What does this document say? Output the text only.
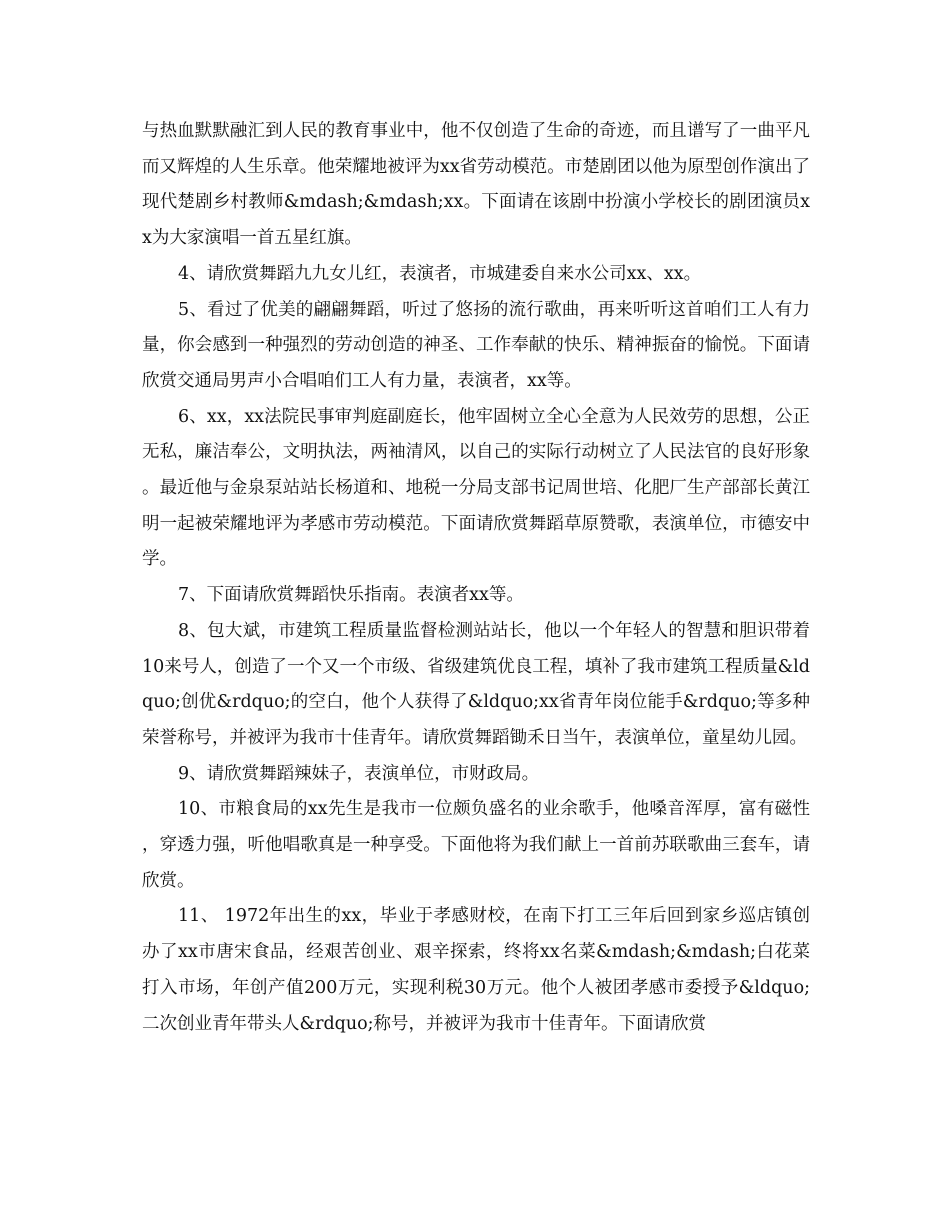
与热血默默融汇到人民的教育事业中，他不仅创造了生命的奇迹，而且谱写了一曲平凡而又辉煌的人生乐章。他荣耀地被评为xx省劳动模范。市楚剧团以他为原型创作演出了现代楚剧乡村教师&mdash;&mdash;xx。下面请在该剧中扮演小学校长的剧团演员xx为大家演唱一首五星红旗。

4、请欣赏舞蹈九九女儿红，表演者，市城建委自来水公司xx、xx。

5、看过了优美的翩翩舞蹈，听过了悠扬的流行歌曲，再来听听这首咱们工人有力量，你会感到一种强烈的劳动创造的神圣、工作奉献的快乐、精神振奋的愉悦。下面请欣赏交通局男声小合唱咱们工人有力量，表演者，xx等。

6、xx，xx法院民事审判庭副庭长，他牢固树立全心全意为人民效劳的思想，公正无私，廉洁奉公，文明执法，两袖清风，以自己的实际行动树立了人民法官的良好形象。最近他与金泉泵站站长杨道和、地税一分局支部书记周世培、化肥厂生产部部长黄江明一起被荣耀地评为孝感市劳动模范。下面请欣赏舞蹈草原赞歌，表演单位，市德安中学。

7、下面请欣赏舞蹈快乐指南。表演者xx等。

8、包大斌，市建筑工程质量监督检测站站长，他以一个年轻人的智慧和胆识带着10来号人，创造了一个又一个市级、省级建筑优良工程，填补了我市建筑工程质量&ldquo;创优&rdquo;的空白，他个人获得了&ldquo;xx省青年岗位能手&rdquo;等多种荣誉称号，并被评为我市十佳青年。请欣赏舞蹈锄禾日当午，表演单位，童星幼儿园。

9、请欣赏舞蹈辣妹子，表演单位，市财政局。

10、市粮食局的xx先生是我市一位颇负盛名的业余歌手，他嗓音浑厚，富有磁性，穿透力强，听他唱歌真是一种享受。下面他将为我们献上一首前苏联歌曲三套车，请欣赏。

11、 1972年出生的xx，毕业于孝感财校，在南下打工三年后回到家乡巡店镇创办了xx市唐宋食品，经艰苦创业、艰辛探索，终将xx名菜&mdash;&mdash;白花菜打入市场，年创产值200万元，实现利税30万元。他个人被团孝感市委授予&ldquo;二次创业青年带头人&rdquo;称号，并被评为我市十佳青年。下面请欣赏
